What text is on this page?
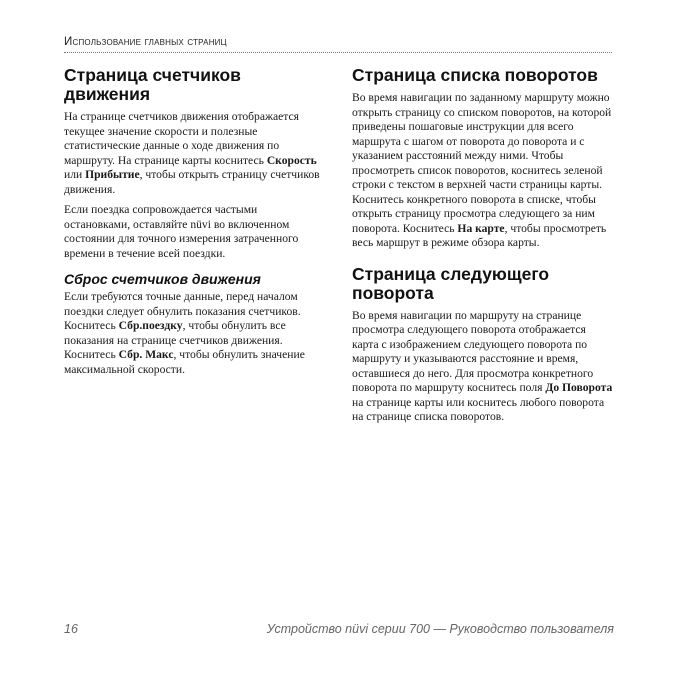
Использование главных страниц
Страница счетчиков движения

На странице счетчиков движения отображается текущее значение скорости и полезные статистические данные о ходе движения по маршруту. На странице карты коснитесь Скорость или Прибытие, чтобы открыть страницу счетчиков движения.

Если поездка сопровождается частыми остановками, оставляйте nüvi во включенном состоянии для точного измерения затраченного времени в течение всей поездки.

Сброс счетчиков движения

Если требуются точные данные, перед началом поездки следует обнулить показания счетчиков. Коснитесь Сбр.поездку, чтобы обнулить все показания на странице счетчиков движения. Коснитесь Сбр. Макс, чтобы обнулить значение максимальной скорости.

Страница списка поворотов

Во время навигации по заданному маршруту можно открыть страницу со списком поворотов, на которой приведены пошаговые инструкции для всего маршрута с шагом от поворота до поворота и с указанием расстояний между ними. Чтобы просмотреть список поворотов, коснитесь зеленой строки с текстом в верхней части страницы карты. Коснитесь конкретного поворота в списке, чтобы открыть страницу просмотра следующего за ним поворота. Коснитесь На карте, чтобы просмотреть весь маршрут в режиме обзора карты.

Страница следующего поворота

Во время навигации по маршруту на странице просмотра следующего поворота отображается карта с изображением следующего поворота по маршруту и указываются расстояние и время, оставшиеся до него. Для просмотра конкретного поворота по маршруту коснитесь поля До Поворота на странице карты или коснитесь любого поворота на странице списка поворотов.

16	Устройство nüvi серии 700 — Руководство пользователя
